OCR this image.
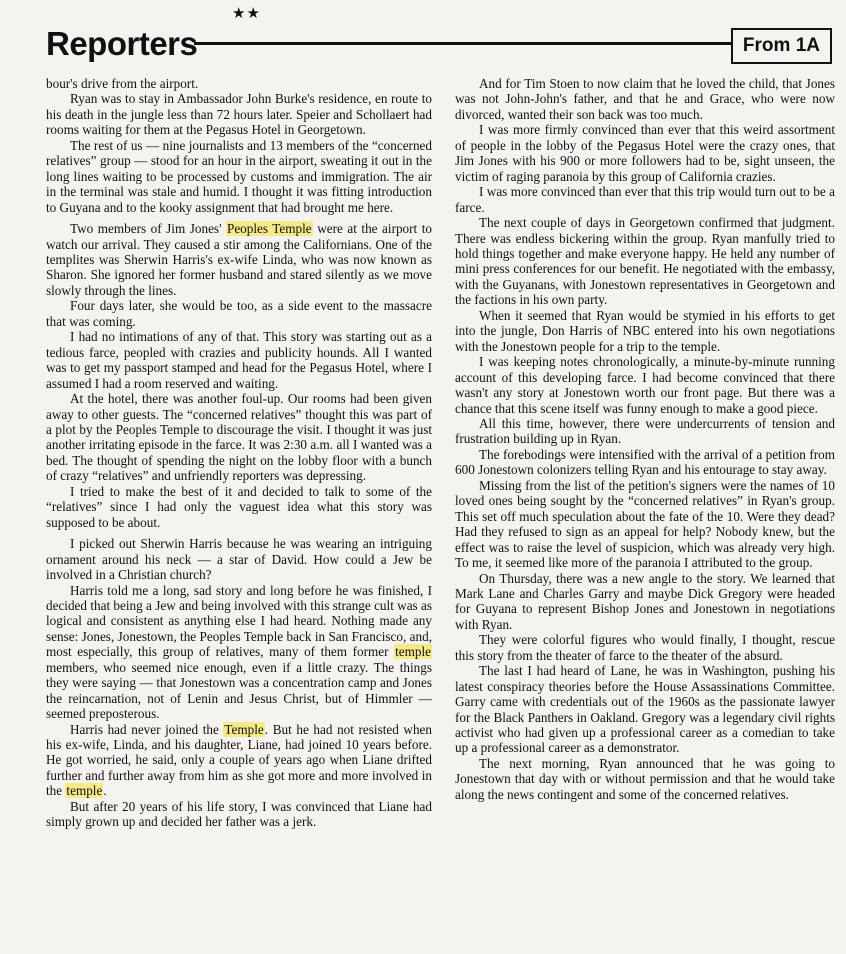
★★
Reporters	From 1A

bour's drive from the airport.

Ryan was to stay in Ambassador John Burke's residence, en route to his death in the jungle less than 72 hours later. Speier and Schollaert had rooms waiting for them at the Pegasus Hotel in Georgetown.

The rest of us — nine journalists and 13 members of the “concerned relatives” group — stood for an hour in the airport, sweating it out in the long lines waiting to be processed by customs and immigration. The air in the terminal was stale and humid. I thought it was fitting introduction to Guyana and to the kooky assignment that had brought me here.

Two members of Jim Jones' Peoples Temple were at the airport to watch our arrival. They caused a stir among the Californians. One of the templites was Sherwin Harris's ex-wife Linda, who was now known as Sharon. She ignored her former husband and stared silently as we move slowly through the lines.

Four days later, she would be too, as a side event to the massacre that was coming.

I had no intimations of any of that. This story was starting out as a tedious farce, peopled with crazies and publicity hounds. All I wanted was to get my passport stamped and head for the Pegasus Hotel, where I assumed I had a room reserved and waiting.

At the hotel, there was another foul-up. Our rooms had been given away to other guests. The “concerned relatives” thought this was part of a plot by the Peoples Temple to discourage the visit. I thought it was just another irritating episode in the farce. It was 2:30 a.m. all I wanted was a bed. The thought of spending the night on the lobby floor with a bunch of crazy “relatives” and unfriendly reporters was depressing.

I tried to make the best of it and decided to talk to some of the “relatives” since I had only the vaguest idea what this story was supposed to be about.

I picked out Sherwin Harris because he was wearing an intriguing ornament around his neck — a star of David. How could a Jew be involved in a Christian church?

Harris told me a long, sad story and long before he was finished, I decided that being a Jew and being involved with this strange cult was as logical and consistent as anything else I had heard. Nothing made any sense: Jones, Jonestown, the Peoples Temple back in San Francisco, and, most especially, this group of relatives, many of them former temple members, who seemed nice enough, even if a little crazy. The things they were saying — that Jonestown was a concentration camp and Jones the reincarnation, not of Lenin and Jesus Christ, but of Himmler — seemed preposterous.

Harris had never joined the Temple. But he had not resisted when his ex-wife, Linda, and his daughter, Liane, had joined 10 years before. He got worried, he said, only a couple of years ago when Liane drifted further and further away from him as she got more and more involved in the temple.

But after 20 years of his life story, I was convinced that Liane had simply grown up and decided her father was a jerk.

And for Tim Stoen to now claim that he loved the child, that Jones was not John-John's father, and that he and Grace, who were now divorced, wanted their son back was too much.

I was more firmly convinced than ever that this weird assortment of people in the lobby of the Pegasus Hotel were the crazy ones, that Jim Jones with his 900 or more followers had to be, sight unseen, the victim of raging paranoia by this group of California crazies.

I was more convinced than ever that this trip would turn out to be a farce.

The next couple of days in Georgetown confirmed that judgment. There was endless bickering within the group. Ryan manfully tried to hold things together and make everyone happy. He held any number of mini press conferences for our benefit. He negotiated with the embassy, with the Guyanans, with Jonestown representatives in Georgetown and the factions in his own party.

When it seemed that Ryan would be stymied in his efforts to get into the jungle, Don Harris of NBC entered into his own negotiations with the Jonestown people for a trip to the temple.

I was keeping notes chronologically, a minute-by-minute running account of this developing farce. I had become convinced that there wasn't any story at Jonestown worth our front page. But there was a chance that this scene itself was funny enough to make a good piece.

All this time, however, there were undercurrents of tension and frustration building up in Ryan.

The forebodings were intensified with the arrival of a petition from 600 Jonestown colonizers telling Ryan and his entourage to stay away.

Missing from the list of the petition's signers were the names of 10 loved ones being sought by the “concerned relatives” in Ryan's group. This set off much speculation about the fate of the 10. Were they dead? Had they refused to sign as an appeal for help? Nobody knew, but the effect was to raise the level of suspicion, which was already very high. To me, it seemed like more of the paranoia I attributed to the group.

On Thursday, there was a new angle to the story. We learned that Mark Lane and Charles Garry and maybe Dick Gregory were headed for Guyana to represent Bishop Jones and Jonestown in negotiations with Ryan.

They were colorful figures who would finally, I thought, rescue this story from the theater of farce to the theater of the absurd.

The last I had heard of Lane, he was in Washington, pushing his latest conspiracy theories before the House Assassinations Committee. Garry came with credentials out of the 1960s as the passionate lawyer for the Black Panthers in Oakland. Gregory was a legendary civil rights activist who had given up a professional career as a comedian to take up a professional career as a demonstrator.

The next morning, Ryan announced that he was going to Jonestown that day with or without permission and that he would take along the news contingent and some of the concerned relatives.
